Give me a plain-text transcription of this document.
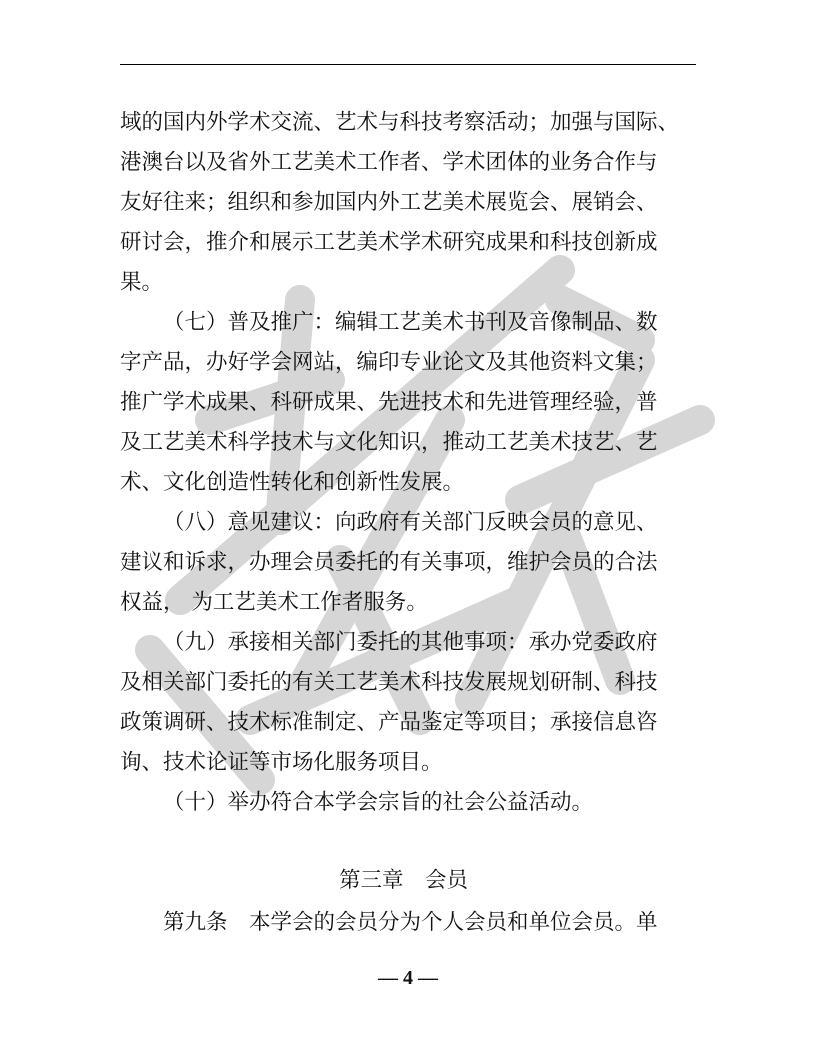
域的国内外学术交流、艺术与科技考察活动；加强与国际、
港澳台以及省外工艺美术工作者、学术团体的业务合作与
友好往来；组织和参加国内外工艺美术展览会、展销会、
研讨会，推介和展示工艺美术学术研究成果和科技创新成
果。
（七）普及推广：编辑工艺美术书刊及音像制品、数
字产品，办好学会网站，编印专业论文及其他资料文集；
推广学术成果、科研成果、先进技术和先进管理经验，普
及工艺美术科学技术与文化知识，推动工艺美术技艺、艺
术、文化创造性转化和创新性发展。
（八）意见建议：向政府有关部门反映会员的意见、
建议和诉求，办理会员委托的有关事项，维护会员的合法
权益， 为工艺美术工作者服务。
（九）承接相关部门委托的其他事项：承办党委政府
及相关部门委托的有关工艺美术科技发展规划研制、科技
政策调研、技术标准制定、产品鉴定等项目；承接信息咨
询、技术论证等市场化服务项目。
（十）举办符合本学会宗旨的社会公益活动。
第三章　会员
第九条　本学会的会员分为个人会员和单位会员。单
— 4 —
